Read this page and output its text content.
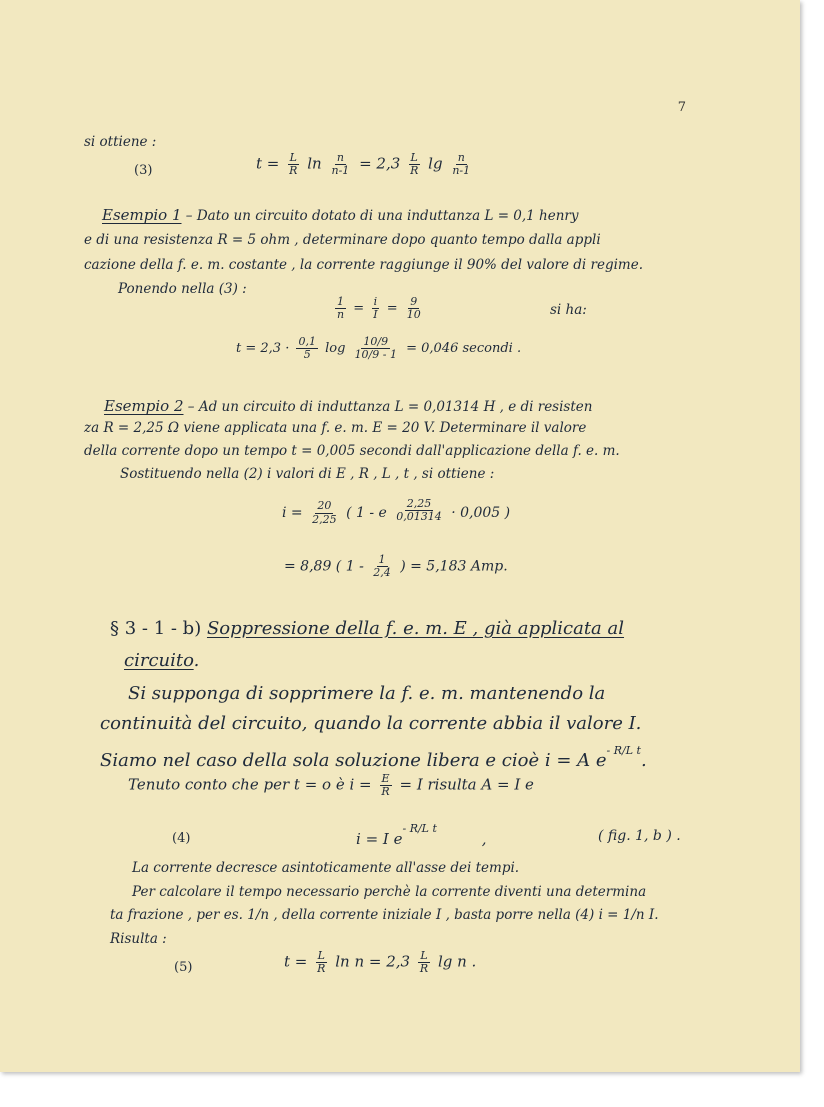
7
si ottiene :
(3)	$t = \frac{L}{R}$ $\ln \frac{n}{n-1} = 2,3 \frac{L}{R}$ $\lg \frac{n}{n-1}$
Esempio 1 – Dato un circuito dotato di una induttanza L = 0,1 henry
e di una resistenza R = 5 ohm , determinare dopo quanto tempo dalla appli
cazione della f. e. m. costante , la corrente raggiunge il 90% del valore di regime.
Ponendo nella (3) :
$\frac{1}{n} = \frac{i}{I} = \frac{9}{10}$	si ha:
$t = 2,3 \cdot \frac{0,1}{5}$ $\log \frac{10/9}{10/9 - 1} = 0,046$ secondi .
Esempio 2 – Ad un circuito di induttanza L = 0,01314 H , e di resisten
za R = 2,25 Ω viene applicata una f. e. m. E = 20 V. Determinare il valore
della corrente dopo un tempo t = 0,005 secondi dall'applicazione della f. e. m.
Sostituendo nella (2) i valori di E , R , L , t , si ottiene :
$i = \frac{20}{2,25}$ ( 1 - e $\frac{2,25}{0,01314} \cdot 0,005$ )
= 8,89 ( $1 - \frac{1}{2,4}$ ) = 5,183 Amp.
§ 3 - 1 - b) Soppressione della f. e. m. E , già applicata al
circuito.
Si supponga di sopprimere la f. e. m. mantenendo la
continuità del circuito, quando la corrente abbia il valore I.
Siamo nel caso della sola soluzione libera e cioè i = A $e^{- R/L t}$.
Tenuto conto che per t = o è $i = \frac{E}{R} = I$ risulta A = I e
(4)	i = I $e^{- R/L t}$ ,	( fig. 1, b ) .
La corrente decresce asintoticamente all'asse dei tempi.
Per calcolare il tempo necessario perchè la corrente diventi una determina
ta frazione , per es. 1/n , della corrente iniziale I , basta porre nella (4) i = 1/n I.
Risulta :
(5)	$t = \frac{L}{R}$ $\ln n = 2,3 \frac{L}{R}$ lg n .
